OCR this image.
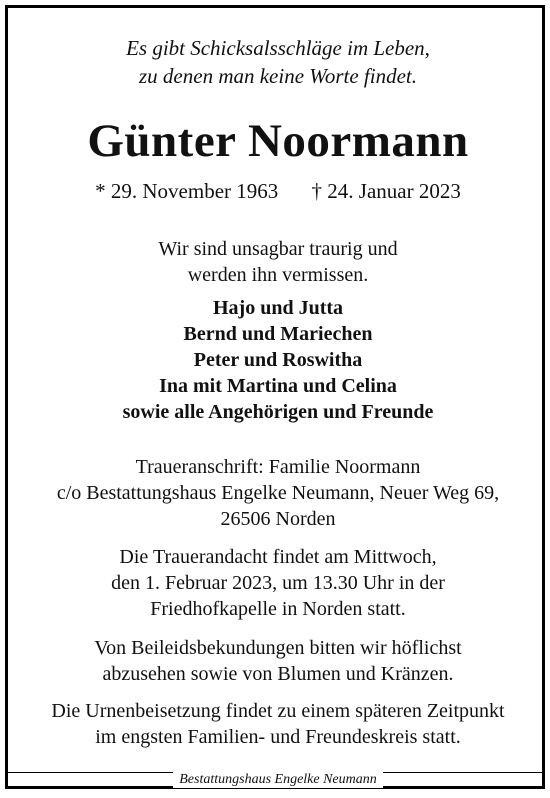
Es gibt Schicksalsschläge im Leben,
zu denen man keine Worte findet.
Günter Noormann
* 29. November 1963 † 24. Januar 2023
Wir sind unsagbar traurig und
werden ihn vermissen.
Hajo und Jutta
Bernd und Mariechen
Peter und Roswitha
Ina mit Martina und Celina
sowie alle Angehörigen und Freunde
Traueranschrift: Familie Noormann
c/o Bestattungshaus Engelke Neumann, Neuer Weg 69,
26506 Norden
Die Trauerandacht findet am Mittwoch,
den 1. Februar 2023, um 13.30 Uhr in der
Friedhofkapelle in Norden statt.
Von Beileidsbekundungen bitten wir höflichst
abzusehen sowie von Blumen und Kränzen.
Die Urnenbeisetzung findet zu einem späteren Zeitpunkt
im engsten Familien- und Freundeskreis statt.
Bestattungshaus Engelke Neumann
